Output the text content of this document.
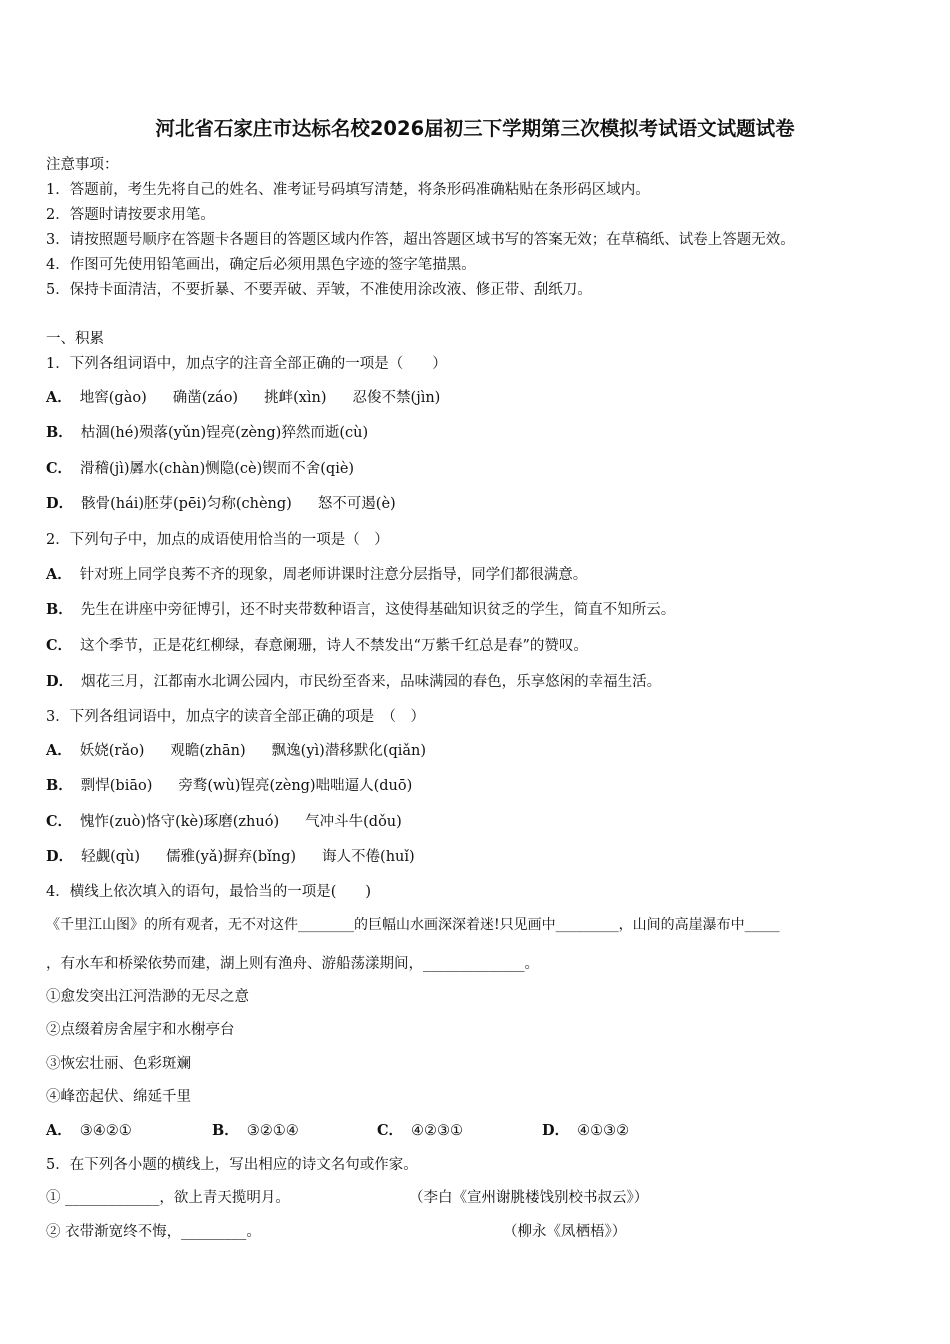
河北省石家庄市达标名校2026届初三下学期第三次模拟考试语文试题试卷
注意事项：
1．答题前，考生先将自己的姓名、准考证号码填写清楚，将条形码准确粘贴在条形码区域内。
2．答题时请按要求用笔。
3．请按照题号顺序在答题卡各题目的答题区域内作答，超出答题区域书写的答案无效；在草稿纸、试卷上答题无效。
4．作图可先使用铅笔画出，确定后必须用黑色字迹的签字笔描黑。
5．保持卡面清洁，不要折暴、不要弄破、弄皱，不准使用涂改液、修正带、刮纸刀。
一、积累
1．下列各组词语中，加点字的注音全部正确的一项是（　　）
A． 地窖(gào) 确凿(záo) 挑衅(xìn) 忍俊不禁(jìn)
B． 枯涸(hé)殒落(yǔn)锃亮(zèng)猝然而逝(cù)
C． 滑稽(jì)羼水(chàn)恻隐(cè)锲而不舍(qiè)
D． 骸骨(hái)胚芽(pēi)匀称(chèng) 怒不可遏(è)
2．下列句子中，加点的成语使用恰当的一项是（　）
A． 针对班上同学良莠不齐的现象，周老师讲课时注意分层指导，同学们都很满意。
B． 先生在讲座中旁征博引，还不时夹带数种语言，这使得基础知识贫乏的学生，简直不知所云。
C． 这个季节，正是花红柳绿，春意阑珊，诗人不禁发出“万紫千红总是春”的赞叹。
D． 烟花三月，江都南水北调公园内，市民纷至沓来，品味满园的春色，乐享悠闲的幸福生活。
3．下列各组词语中，加点字的读音全部正确的项是　（　）
A． 妖娆(rǎo) 观瞻(zhān) 飘逸(yì)潜移默化(qiǎn)
B． 剽悍(biāo) 旁骛(wù)锃亮(zèng)咄咄逼人(duō)
C． 愧怍(zuò)恪守(kè)琢磨(zhuó) 气冲斗牛(dǒu)
D． 轻觑(qù) 儒雅(yǎ)摒弃(bǐng) 诲人不倦(huǐ)
4．横线上依次填入的语句，最恰当的一项是(　　)
《千里江山图》的所有观者，无不对这件________的巨幅山水画深深着迷!只见画中_________，山间的高崖瀑布中_____
，有水车和桥梁依势而建，湖上则有渔舟、游船荡漾期间，______________。
①愈发突出江河浩渺的无尽之意
②点缀着房舍屋宇和水榭亭台
③恢宏壮丽、色彩斑斓
④峰峦起伏、绵延千里
A． ③④②①	B． ③②①④	C． ④②③①	D． ④①③②
5．在下列各小题的横线上，写出相应的诗文名句或作家。
① _____________，欲上青天揽明月。	（李白《宣州谢朓楼饯别校书叔云》）
② 衣带渐宽终不悔，_________。	（柳永《凤栖梧》）
